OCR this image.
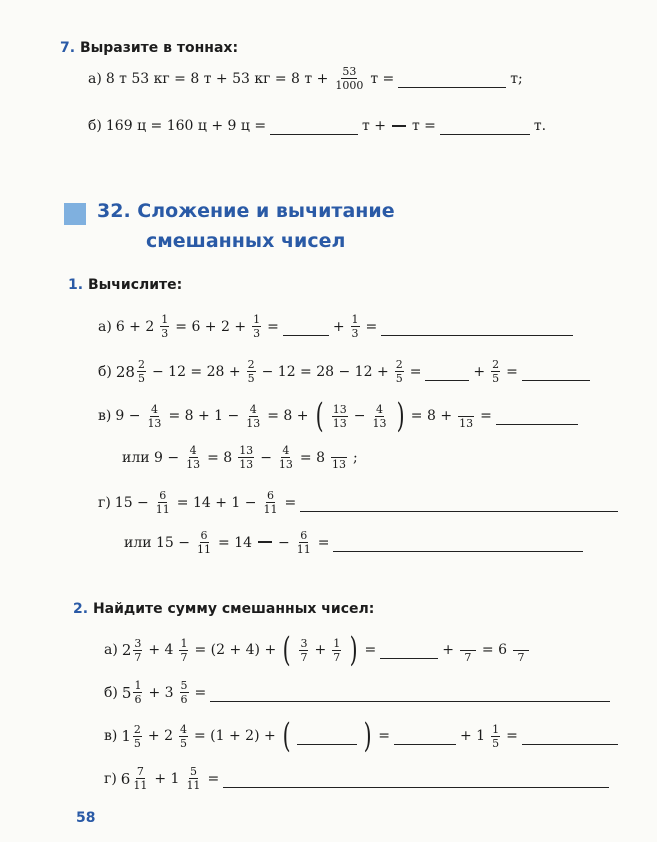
7. Выразите в тоннах:
а) 8 т 53 кг = 8 т + 53 кг = 8 $т + \frac{53}{1000}$ т =	т;
б) 169 ц = 160 ц + 9 ц =	т + т =	т.
32. Сложение и вычитание
смешанных чисел
1. Вычислите:
а) $6 + 2 \frac{1}{3} = 6 + 2 + \frac{1}{3}$ =	+ $\frac{1}{3}$ =
б) $28 \frac{2}{5} - 12 = 28 + \frac{2}{5} - 12 = 28 - 12 + \frac{2}{5}$ =	+ $\frac{2}{5}$ =
в) $9 - \frac{4}{13} = 8 + 1 - \frac{4}{13} = 8$ + ( $\frac{13}{13} - \frac{4}{13}$ ) = 8 + 13 =
или $9 - \frac{4}{13} = 8 \frac{13}{13} - \frac{4}{13} = 8$ 13 ;
г) $15 - \frac{6}{11} = 14 + 1 - \frac{6}{11}$ =
или $15 - \frac{6}{11} = 14 - \frac{6}{11}$ =
2. Найдите сумму смешанных чисел:
а) $2 \frac{3}{7} + 4 \frac{1}{7} = (2 + 4)$ + ( $\frac{3}{7} + \frac{1}{7}$ ) =	+ 7 = 6 7
б) $5 \frac{1}{6} + 3 \frac{5}{6}$ =
в) $1 \frac{2}{5} + 2 \frac{4}{5} = (1 + 2)$ + ( ) =	+ $1 \frac{1}{5}$ =
г) $6 \frac{7}{11} + 1 \frac{5}{11}$ =
58
